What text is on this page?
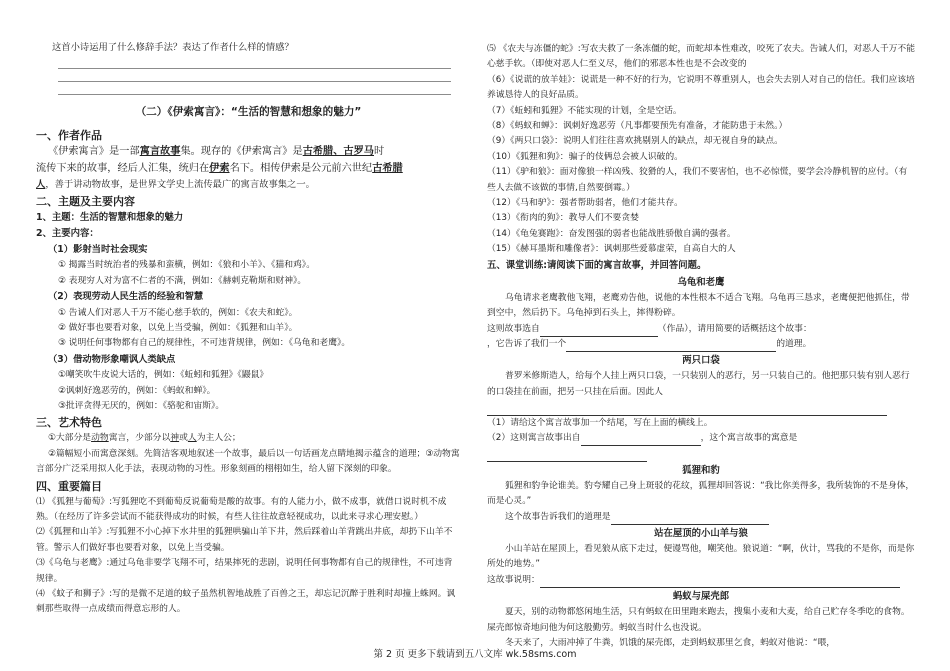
这首小诗运用了什么修辞手法？表达了作者什么样的情感？
（二）《伊索寓言》：“生活的智慧和想象的魅力”
一、作者作品
《伊索寓言》是一部寓言故事集。现存的《伊索寓言》是古希腊、古罗马时
流传下来的故事，经后人汇集，统归在伊索名下。相传伊索是公元前六世纪古希腊
人，善于讲动物故事，是世界文学史上流传最广的寓言故事集之一。
二、主题及主要内容
1、主题：生活的智慧和想象的魅力
2、主要内容：
（1）影射当时社会现实
① 揭露当时统治者的残暴和蛮横，例如：《狼和小羊》、《猫和鸡》。
② 表现穷人对为富不仁者的不满，例如：《赫剌克勒斯和财神》。
（2）表现劳动人民生活的经验和智慧
① 告诫人们对恶人千万不能心慈手软的，例如：《农夫和蛇》。
② 做好事也要看对象，以免上当受骗，例如：《狐狸和山羊》。
③ 说明任何事物都有自己的规律性，不可违背规律，例如：《乌龟和老鹰》。
（3）借动物形象嘲讽人类缺点
①嘲笑吹牛皮说大话的，例如：《蚯蚓和狐狸》《鼹鼠》
②讽刺好逸恶劳的，例如：《蚂蚁和蝉》。
③批评贪得无厌的，例如：《骆驼和宙斯》。
三、艺术特色
①大部分是动物寓言，少部分以神或人为主人公；
②篇幅短小而寓意深刻。先简洁客观地叙述一个故事，最后以一句话画龙点睛地揭示蕴含的道理；③动物寓言部分广泛采用拟人化手法，表现动物的习性。形象刻画的栩栩如生，给人留下深刻的印象。
四、重要篇目
⑴ 《狐狸与葡萄》:写狐狸吃不到葡萄反说葡萄是酸的故事。有的人能力小，做不成事，就借口说时机不成熟。（在经历了许多尝试而不能获得成功的时候，有些人往往故意轻视成功，以此来寻求心理安慰。）
⑵《狐狸和山羊》:写狐狸不小心掉下水井里的狐狸哄骗山羊下井，然后踩着山羊背跳出井底，却扔下山羊不管。警示人们做好事也要看对象，以免上当受骗。
⑶《乌龟与老鹰》:通过乌龟非要学飞翔不可，结果摔死的悲剧，说明任何事物都有自己的规律性，不可违背规律。
⑷ 《蚊子和狮子》:写的是微不足道的蚊子虽然机智地战胜了百兽之王，却忘记沉醉于胜利时却撞上蛛网。讽刺那些取得一点成绩而得意忘形的人。
⑸ 《农夫与冻僵的蛇》:写农夫救了一条冻僵的蛇，而蛇却本性难改，咬死了农夫。告诫人们，对恶人千万不能心慈手软。（即使对恶人仁至义尽，他们的邪恶本性也是不会改变的
（6）《说谎的放羊娃》：说谎是一种不好的行为，它说明不尊重别人，也会失去别人对自己的信任。我们应该培养诚恳待人的良好品质。
（7）《蚯蚓和狐狸》不能实现的计划，全是空话。
（8）《蚂蚁和蝉》：讽刺好逸恶劳（凡事都要预先有准备，才能防患于未然。）
（9）《两只口袋》：说明人们往往喜欢挑剔别人的缺点，却无视自身的缺点。
（10）《狐狸和狗》：骗子的伎俩总会被人识破的。
（11）《驴和狼》：面对像狼一样凶残、狡猾的人，我们不要害怕，也不必惊慌，要学会冷静机智的应付。（有些人去做不该做的事情,自然要倒霉。）
（12）《马和驴》：强者帮助弱者，他们才能共存。
（13）《衔肉的狗》：教导人们不要贪婪
（14）《龟兔赛跑》：奋发图强的弱者也能战胜骄傲自满的强者。
（15）《赫耳墨斯和雕像者》：讽刺那些爱慕虚荣，自高自大的人
五、课堂训练:请阅读下面的寓言故事，并回答问题。
乌龟和老鹰
乌龟请求老鹰教他飞翔，老鹰劝告他，说他的本性根本不适合飞翔。乌龟再三恳求，老鹰便把他抓住，带到空中，然后扔下。乌龟掉到石头上，摔得粉碎。
这则故事选自	（作品），请用简要的话概括这个故事：
，它告诉了我们一个	的道理。
两只口袋
普罗米修斯造人，给每个人挂上两只口袋，一只装别人的恶行，另一只装自己的。他把那只装有别人恶行的口袋挂在前面，把另一只挂在后面。因此人
（1）请给这个寓言故事加一个结尾，写在上面的横线上。
（2）这则寓言故事出自	，这个寓言故事的寓意是
狐狸和豹
狐狸和豹争论谁美。豹夸耀自己身上斑驳的花纹，狐狸却回答说：“我比你美得多，我所装饰的不是身体，而是心灵。”
这个故事告诉我们的道理是
站在屋顶的小山羊与狼
小山羊站在屋顶上，看见狼从底下走过，便谩骂他，嘲笑他。狼说道：“啊，伙计，骂我的不是你，而是你所处的地势。”
这故事说明：
蚂蚁与屎壳郎
夏天，别的动物都悠闲地生活，只有蚂蚁在田里跑来跑去，搜集小麦和大麦，给自己贮存冬季吃的食物。屎壳郎惊奇地问他为何这般勤劳。蚂蚁当时什么也没说。
冬天来了，大雨冲掉了牛粪，饥饿的屎壳郎，走到蚂蚁那里乞食，蚂蚁对他说：“喂，
第 2 页 更多下载请到五八文库 wk.58sms.com
